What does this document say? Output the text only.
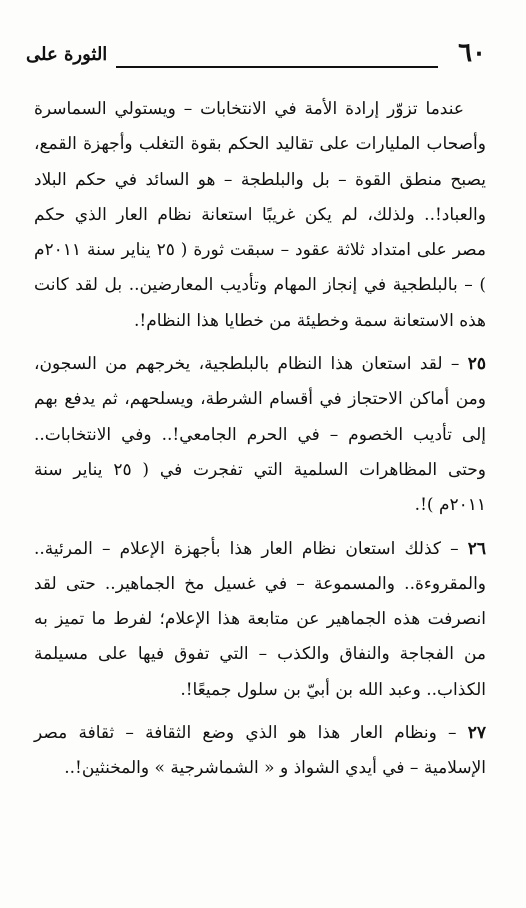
٦٠
الثورة على

عندما تزوّر إرادة الأمة في الانتخابات – ويستولي السماسرة وأصحاب المليارات على تقاليد الحكم بقوة التغلب وأجهزة القمع، يصبح منطق القوة – بل والبلطجة – هو السائد في حكم البلاد والعباد!.. ولذلك، لم يكن غريبًا استعانة نظام العار الذي حكم مصر على امتداد ثلاثة عقود – سبقت ثورة ( ٢٥ يناير سنة ٢٠١١م ) – بالبلطجية في إنجاز المهام وتأديب المعارضين.. بل لقد كانت هذه الاستعانة سمة وخطيئة من خطايا هذا النظام!.

٢٥ – لقد استعان هذا النظام بالبلطجية، يخرجهم من السجون، ومن أماكن الاحتجاز في أقسام الشرطة، ويسلحهم، ثم يدفع بهم إلى تأديب الخصوم – في الحرم الجامعي!.. وفي الانتخابات.. وحتى المظاهرات السلمية التي تفجرت في ( ٢٥ يناير سنة ٢٠١١م )!.

٢٦ – كذلك استعان نظام العار هذا بأجهزة الإعلام – المرئية.. والمقروءة.. والمسموعة – في غسيل مخ الجماهير.. حتى لقد انصرفت هذه الجماهير عن متابعة هذا الإعلام؛ لفرط ما تميز به من الفجاجة والنفاق والكذب – التي تفوق فيها على مسيلمة الكذاب.. وعبد الله بن أبيّ بن سلول جميعًا!.

٢٧ – ونظام العار هذا هو الذي وضع الثقافة – ثقافة مصر الإسلامية – في أيدي الشواذ و « الشماشرجية » والمخنثين!..
